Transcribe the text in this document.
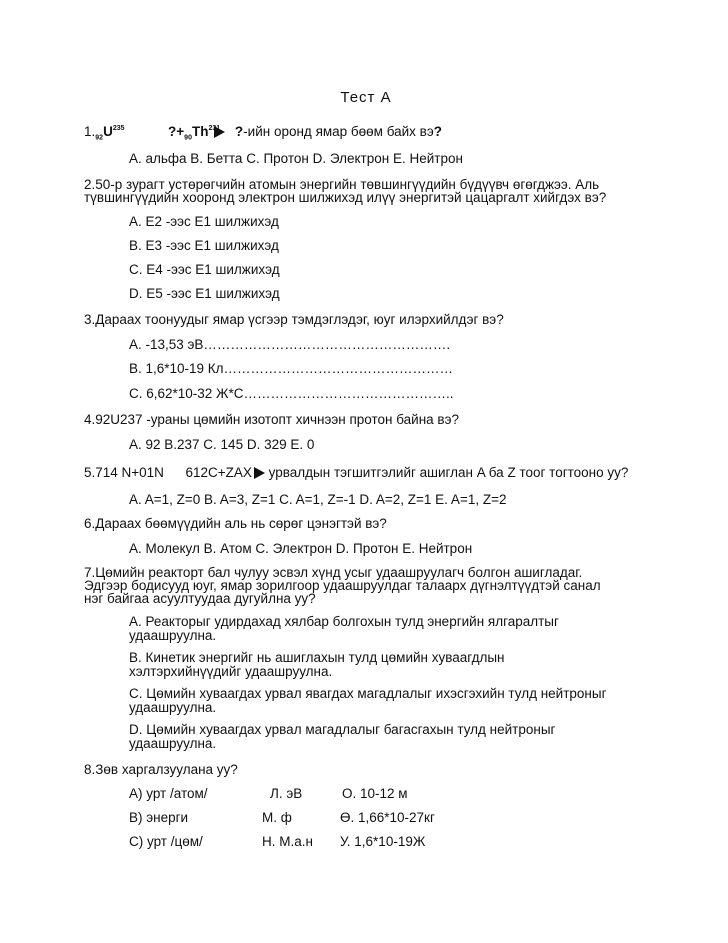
Тест А
$1._{92}U^{235}$	$?+_{90}Th^{231}$ ?-ийн оронд ямар бөөм байх вэ?
A. альфа B. Бетта C. Протон D. Электрон E. Нейтрон
2.50-р зурагт устөрөгчийн атомын энергийн төвшингүүдийн бүдүүвч өгөгджээ. Аль
түвшингүүдийн хооронд электрон шилжихэд илүү энергитэй цацаргалт хийгдэх вэ?
A. E2 -ээс E1 шилжихэд
B. E3 -ээс E1 шилжихэд
C. E4 -ээс E1 шилжихэд
D. E5 -ээс E1 шилжихэд
3.Дараах тоонуудыг ямар үсгээр тэмдэглэдэг, юуг илэрхийлдэг вэ?
A. -13,53 эВ……………………………………………….
B. 1,6*10-19 Кл……………………………………………
C. 6,62*10-32 Ж*С………………………………………..
4.92U237 -ураны цөмийн изотопт хичнээн протон байна вэ?
A. 92 B.237 C. 145 D. 329 E. 0
5.714 N+01N 612C+ZAX урвалдын тэгшитгэлийг ашиглан A ба Z тоог тогтооно уу?
A. A=1, Z=0 B. A=3, Z=1 C. A=1, Z=-1 D. A=2, Z=1 E. A=1, Z=2
6.Дараах бөөмүүдийн аль нь сөрөг цэнэгтэй вэ?
A. Молекул B. Атом C. Электрон D. Протон E. Нейтрон
7.Цөмийн реакторт бал чулуу эсвэл хүнд усыг удаашруулагч болгон ашигладаг.
Эдгээр бодисууд юуг, ямар зорилгоор удаашруулдаг талаарх дүгнэлтүүдтэй санал
нэг байгаа асуултуудаа дугуйлна уу?
A. Реакторыг удирдахад хялбар болгохын тулд энергийн ялгаралтыг
удаашруулна.
B. Кинетик энергийг нь ашиглахын тулд цөмийн хуваагдлын
хэлтэрхийнүүдийг удаашруулна.
C. Цөмийн хуваагдах урвал явагдах магадлалыг ихэсгэхийн тулд нейтроныг
удаашруулна.
D. Цөмийн хуваагдах урвал магадлалыг багасгахын тулд нейтроныг
удаашруулна.
8.Зөв харгалзуулана уу?
A) урт /атом/	Л. эВ	О. 10-12 м
B) энерги	М. ф	Ө. 1,66*10-27кг
C) урт /цөм/	Н. М.а.н У. 1,6*10-19Ж
